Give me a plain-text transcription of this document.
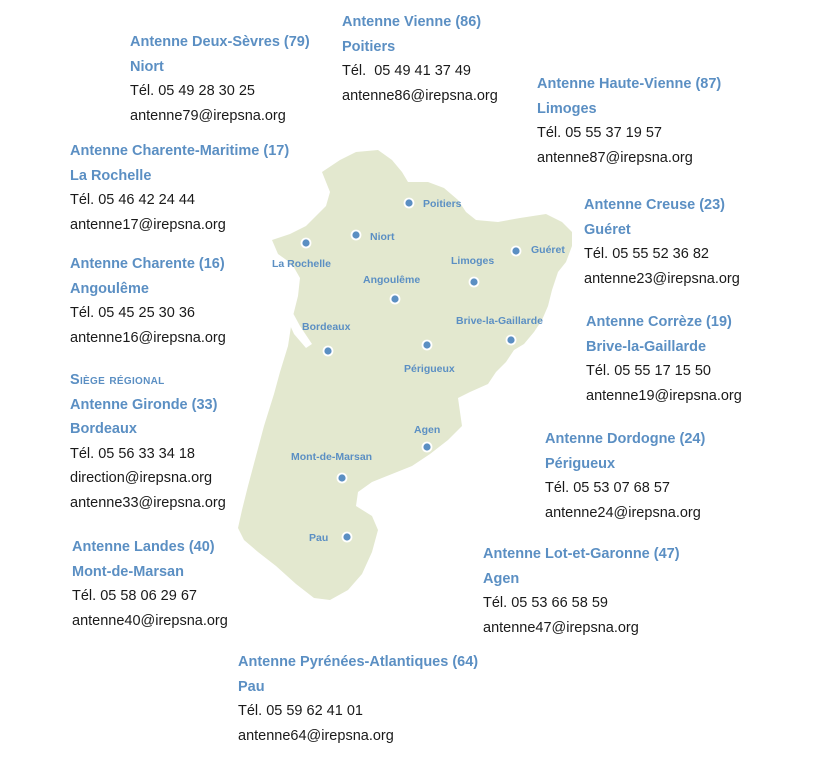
Poitiers
Niort
La Rochelle
Guéret
Limoges
Angoulême
Bordeaux	Brive-la-Gaillarde
Périgueux
Agen
Mont-de-Marsan
Pau
Antenne Deux-Sèvres (79)
Niort
Tél. 05 49 28 30 25
antenne79@irepsna.org
Antenne Vienne (86)
Poitiers
Tél.  05 49 41 37 49
antenne86@irepsna.org
Antenne Haute-Vienne (87)
Limoges
Tél. 05 55 37 19 57
antenne87@irepsna.org
Antenne Charente-Maritime (17)
La Rochelle
Tél. 05 46 42 24 44
antenne17@irepsna.org
Antenne Creuse (23)
Guéret
Tél. 05 55 52 36 82
antenne23@irepsna.org
Antenne Charente (16)
Angoulême
Tél. 05 45 25 30 36
antenne16@irepsna.org
Antenne Corrèze (19)
Brive-la-Gaillarde
Tél. 05 55 17 15 50
antenne19@irepsna.org
Siège régional
Antenne Gironde (33)
Bordeaux
Tél. 05 56 33 34 18
direction@irepsna.org
antenne33@irepsna.org
Antenne Dordogne (24)
Périgueux
Tél. 05 53 07 68 57
antenne24@irepsna.org
Antenne Landes (40)
Mont-de-Marsan
Tél. 05 58 06 29 67
antenne40@irepsna.org
Antenne Lot-et-Garonne (47)
Agen
Tél. 05 53 66 58 59
antenne47@irepsna.org
Antenne Pyrénées-Atlantiques (64)
Pau
Tél. 05 59 62 41 01
antenne64@irepsna.org
